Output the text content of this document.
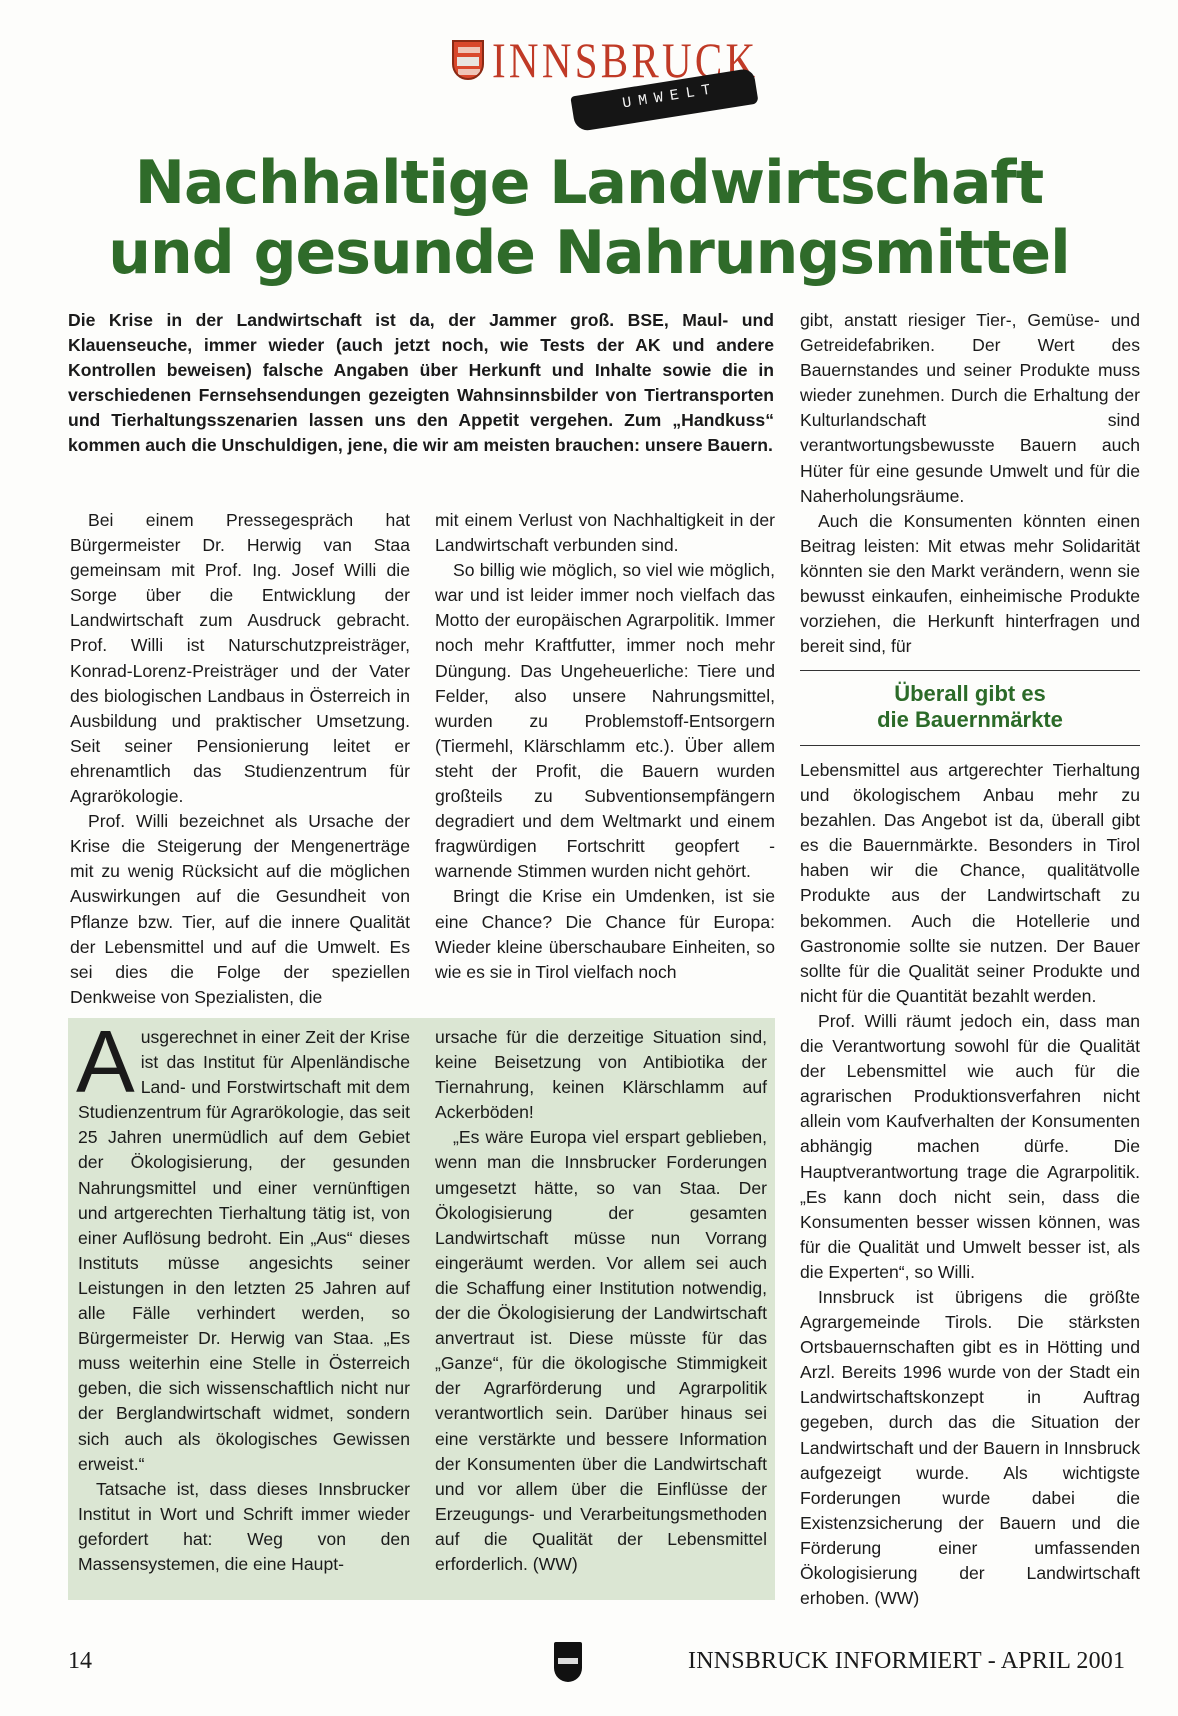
INNSBRUCK
UMWELT
Nachhaltige Landwirtschaft
und gesunde Nahrungsmittel
Die Krise in der Landwirtschaft ist da, der Jammer groß. BSE, Maul- und Klauenseuche, immer wieder (auch jetzt noch, wie Tests der AK und andere Kontrollen beweisen) falsche Angaben über Herkunft und Inhalte sowie die in verschiedenen Fernsehsendungen gezeigten Wahnsinnsbilder von Tiertransporten und Tierhaltungsszenarien lassen uns den Appetit vergehen. Zum „Handkuss“ kommen auch die Unschuldigen, jene, die wir am meisten brauchen: unsere Bauern.

Bei einem Pressegespräch hat Bürgermeister Dr. Herwig van Staa gemeinsam mit Prof. Ing. Josef Willi die Sorge über die Entwicklung der Landwirtschaft zum Ausdruck gebracht. Prof. Willi ist Naturschutzpreisträger, Konrad-Lorenz-Preisträger und der Vater des biologischen Landbaus in Österreich in Ausbildung und praktischer Umsetzung. Seit seiner Pensionierung leitet er ehrenamtlich das Studienzentrum für Agrarökologie.

Prof. Willi bezeichnet als Ursache der Krise die Steigerung der Mengenerträge mit zu wenig Rücksicht auf die möglichen Auswirkungen auf die Gesundheit von Pflanze bzw. Tier, auf die innere Qualität der Lebensmittel und auf die Umwelt. Es sei dies die Folge der speziellen Denkweise von Spezialisten, die

mit einem Verlust von Nachhaltigkeit in der Landwirtschaft verbunden sind.

So billig wie möglich, so viel wie möglich, war und ist leider immer noch vielfach das Motto der europäischen Agrarpolitik. Immer noch mehr Kraftfutter, immer noch mehr Düngung. Das Ungeheuerliche: Tiere und Felder, also unsere Nahrungsmittel, wurden zu Problemstoff-Entsorgern (Tiermehl, Klärschlamm etc.). Über allem steht der Profit, die Bauern wurden großteils zu Subventionsempfängern degradiert und dem Weltmarkt und einem fragwürdigen Fortschritt geopfert - warnende Stimmen wurden nicht gehört.

Bringt die Krise ein Umdenken, ist sie eine Chance? Die Chance für Europa: Wieder kleine überschaubare Einheiten, so wie es sie in Tirol vielfach noch

gibt, anstatt riesiger Tier-, Gemüse- und Getreidefabriken. Der Wert des Bauernstandes und seiner Produkte muss wieder zunehmen. Durch die Erhaltung der Kulturlandschaft sind verantwortungsbewusste Bauern auch Hüter für eine gesunde Umwelt und für die Naherholungsräume.

Auch die Konsumenten könnten einen Beitrag leisten: Mit etwas mehr Solidarität könnten sie den Markt verändern, wenn sie bewusst einkaufen, einheimische Produkte vorziehen, die Herkunft hinterfragen und bereit sind, für

Überall gibt es
die Bauernmärkte

Lebensmittel aus artgerechter Tierhaltung und ökologischem Anbau mehr zu bezahlen. Das Angebot ist da, überall gibt es die Bauernmärkte. Besonders in Tirol haben wir die Chance, qualitätvolle Produkte aus der Landwirtschaft zu bekommen. Auch die Hotellerie und Gastronomie sollte sie nutzen. Der Bauer sollte für die Qualität seiner Produkte und nicht für die Quantität bezahlt werden.

Prof. Willi räumt jedoch ein, dass man die Verantwortung sowohl für die Qualität der Lebensmittel wie auch für die agrarischen Produktionsverfahren nicht allein vom Kaufverhalten der Konsumenten abhängig machen dürfe. Die Hauptverantwortung trage die Agrarpolitik. „Es kann doch nicht sein, dass die Konsumenten besser wissen können, was für die Qualität und Umwelt besser ist, als die Experten“, so Willi.

Innsbruck ist übrigens die größte Agrargemeinde Tirols. Die stärksten Ortsbauernschaften gibt es in Hötting und Arzl. Bereits 1996 wurde von der Stadt ein Landwirtschaftskonzept in Auftrag gegeben, durch das die Situation der Landwirtschaft und der Bauern in Innsbruck aufgezeigt wurde. Als wichtigste Forderungen wurde dabei die Existenzsicherung der Bauern und die Förderung einer umfassenden Ökologisierung der Landwirtschaft erhoben. (WW)

Ausgerechnet in einer Zeit der Krise ist das Institut für Alpenländische Land- und Forstwirtschaft mit dem Studienzentrum für Agrarökologie, das seit 25 Jahren unermüdlich auf dem Gebiet der Ökologisierung, der gesunden Nahrungsmittel und einer vernünftigen und artgerechten Tierhaltung tätig ist, von einer Auflösung bedroht. Ein „Aus“ dieses Instituts müsse angesichts seiner Leistungen in den letzten 25 Jahren auf alle Fälle verhindert werden, so Bürgermeister Dr. Herwig van Staa. „Es muss weiterhin eine Stelle in Österreich geben, die sich wissenschaftlich nicht nur der Berglandwirtschaft widmet, sondern sich auch als ökologisches Gewissen erweist.“

Tatsache ist, dass dieses Innsbrucker Institut in Wort und Schrift immer wieder gefordert hat: Weg von den Massensystemen, die eine Haupt-

ursache für die derzeitige Situation sind, keine Beisetzung von Antibiotika der Tiernahrung, keinen Klärschlamm auf Ackerböden!

„Es wäre Europa viel erspart geblieben, wenn man die Innsbrucker Forderungen umgesetzt hätte, so van Staa. Der Ökologisierung der gesamten Landwirtschaft müsse nun Vorrang eingeräumt werden. Vor allem sei auch die Schaffung einer Institution notwendig, der die Ökologisierung der Landwirtschaft anvertraut ist. Diese müsste für das „Ganze“, für die ökologische Stimmigkeit der Agrarförderung und Agrarpolitik verantwortlich sein. Darüber hinaus sei eine verstärkte und bessere Information der Konsumenten über die Landwirtschaft und vor allem über die Einflüsse der Erzeugungs- und Verarbeitungsmethoden auf die Qualität der Lebensmittel erforderlich. (WW)

14	INNSBRUCK INFORMIERT - APRIL 2001
